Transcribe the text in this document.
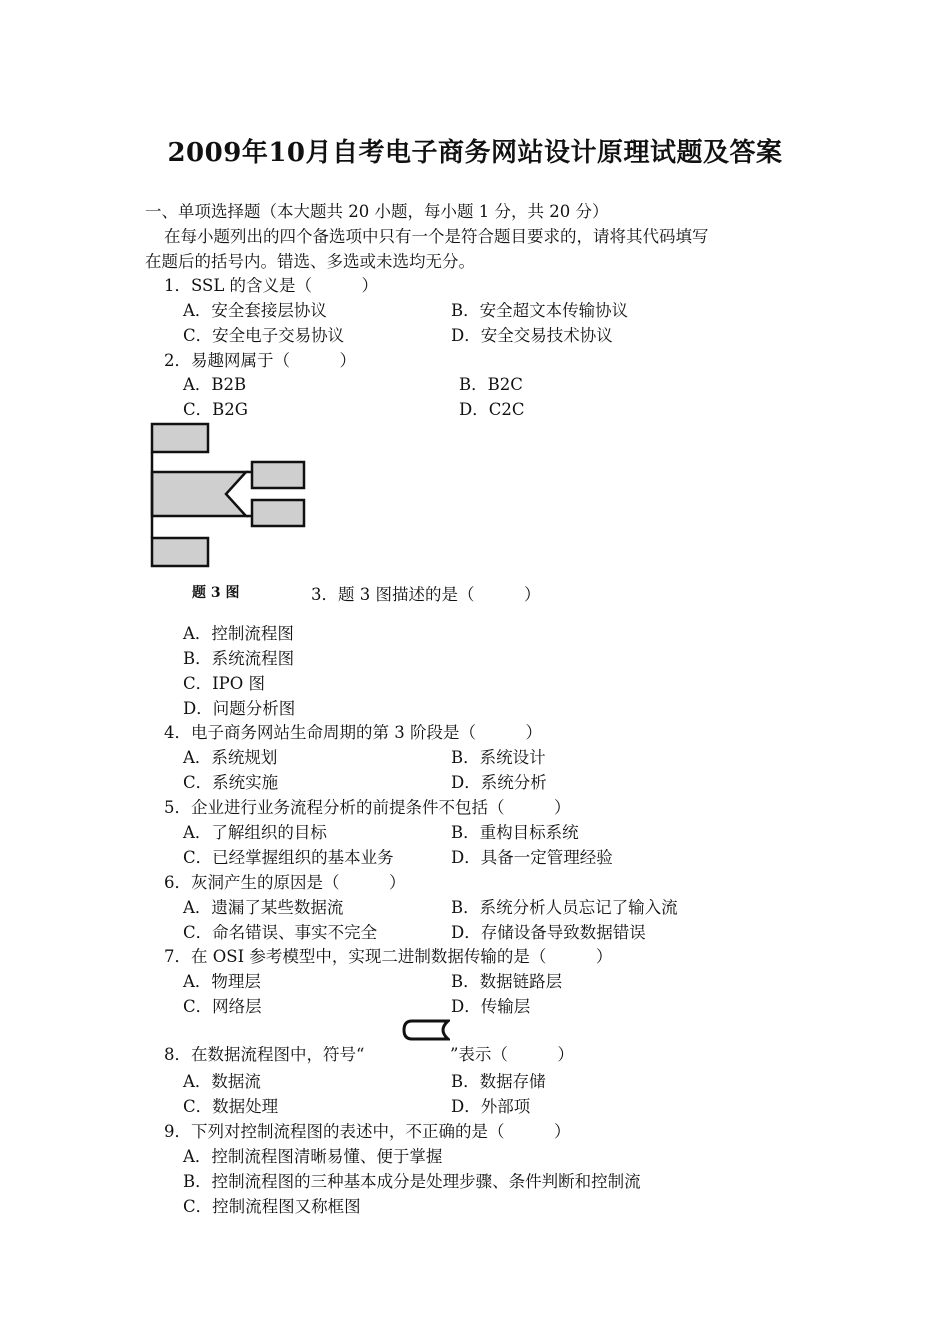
2009年10月自考电子商务网站设计原理试题及答案
一、单项选择题（本大题共 20 小题，每小题 1 分，共 20 分）
在每小题列出的四个备选项中只有一个是符合题目要求的，请将其代码填写
在题后的括号内。错选、多选或未选均无分。
1．SSL 的含义是（　　　）
A．安全套接层协议	B．安全超文本传输协议
C．安全电子交易协议	D．安全交易技术协议
2．易趣网属于（　　　）
A．B2B	B．B2C
C．B2G	D．C2C
题 3 图	3．题 3 图描述的是（　　　）
A．控制流程图
B．系统流程图
C．IPO 图
D．问题分析图
4．电子商务网站生命周期的第 3 阶段是（　　　）
A．系统规划	B．系统设计
C．系统实施	D．系统分析
5．企业进行业务流程分析的前提条件不包括（　　　）
A．了解组织的目标	B．重构目标系统
C．已经掌握组织的基本业务	D．具备一定管理经验
6．灰洞产生的原因是（　　　）
A．遗漏了某些数据流	B．系统分析人员忘记了输入流
C．命名错误、事实不完全	D．存储设备导致数据错误
7．在 OSI 参考模型中，实现二进制数据传输的是（　　　）
A．物理层	B．数据链路层
C．网络层	D．传输层
8．在数据流程图中，符号“	”表示（　　　）
A．数据流	B．数据存储
C．数据处理	D．外部项
9．下列对控制流程图的表述中，不正确的是（　　　）
A．控制流程图清晰易懂、便于掌握
B．控制流程图的三种基本成分是处理步骤、条件判断和控制流
C．控制流程图又称框图
